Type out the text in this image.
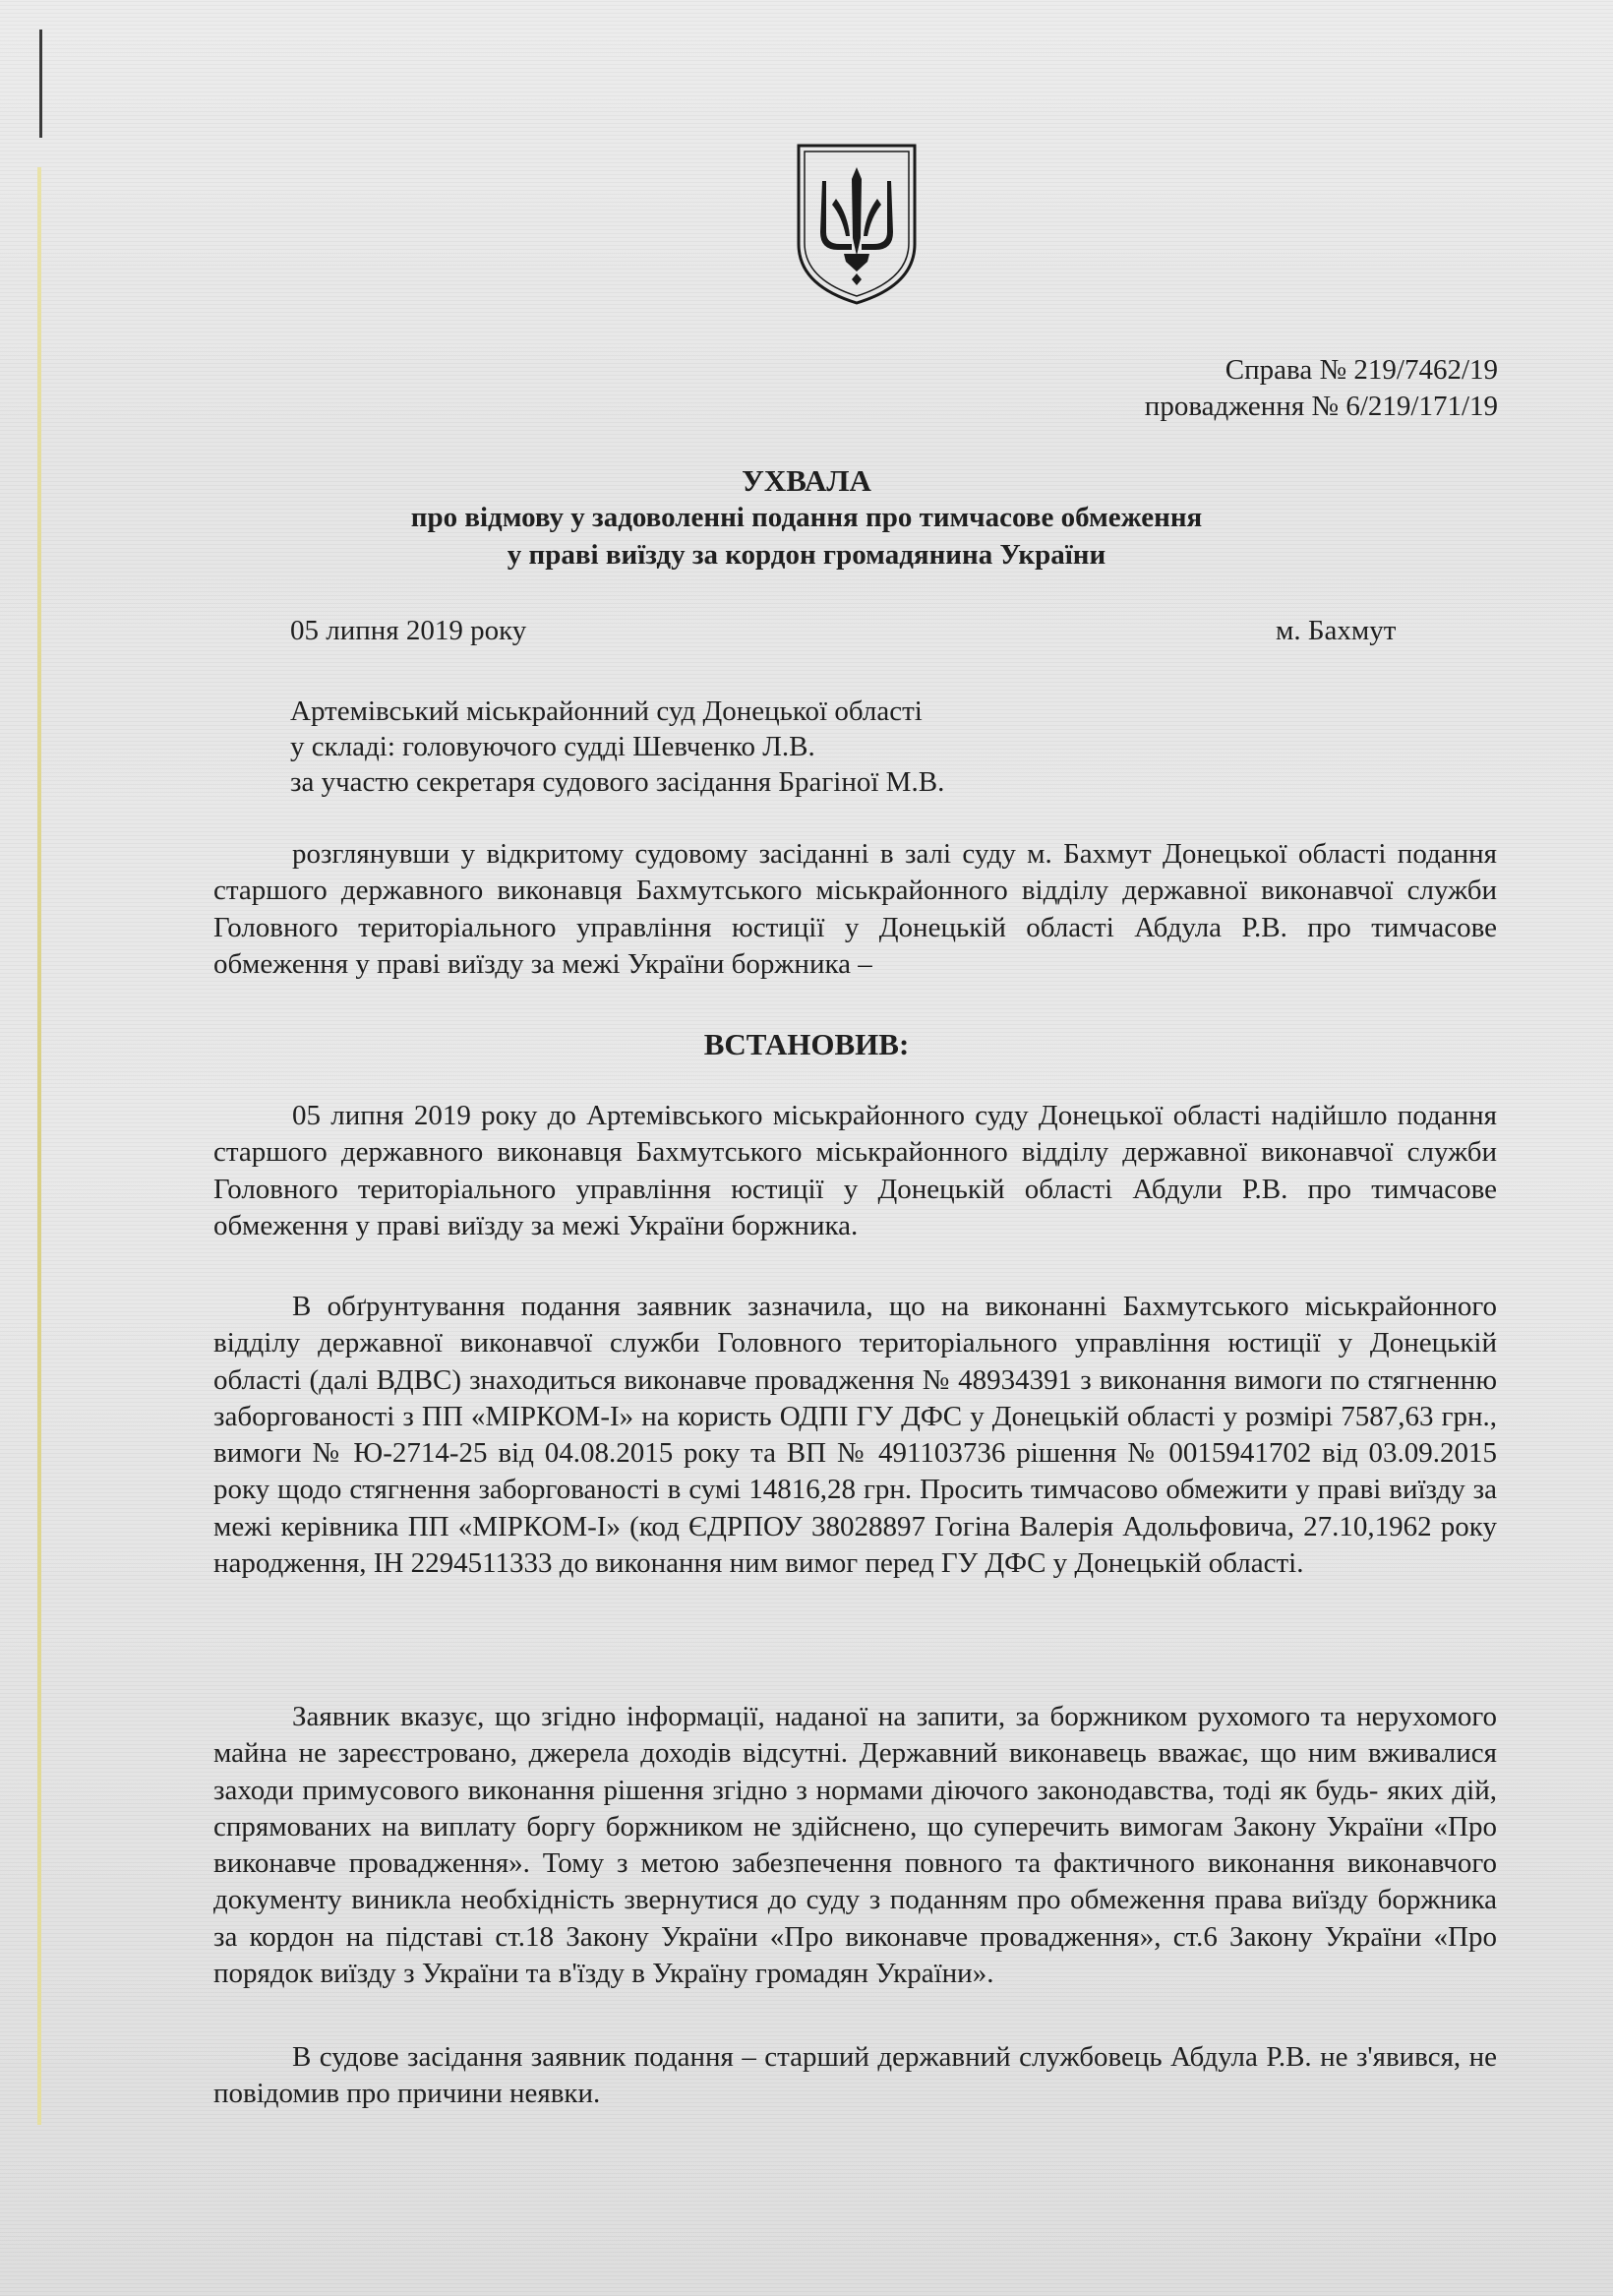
Справа № 219/7462/19
провадження № 6/219/171/19
УХВАЛА
про відмову у задоволенні подання про тимчасове обмеження
у праві виїзду за кордон громадянина України
05 липня 2019 року	м. Бахмут
Артемівський міськрайонний суд Донецької області
у складі: головуючого судді Шевченко Л.В.
за участю секретаря судового засідання Брагіної М.В.

розглянувши у відкритому судовому засіданні в залі суду м. Бахмут Донецької області подання старшого державного виконавця Бахмутського міськрайонного відділу державної виконавчої служби Головного територіального управління юстиції у Донецькій області Абдула Р.В. про тимчасове обмеження у праві виїзду за межі України боржника –

ВСТАНОВИВ:

05 липня 2019 року до Артемівського міськрайонного суду Донецької області надійшло подання старшого державного виконавця Бахмутського міськрайонного відділу державної виконавчої служби Головного територіального управління юстиції у Донецькій області Абдули Р.В. про тимчасове обмеження у праві виїзду за межі України боржника.

В обґрунтування подання заявник зазначила, що на виконанні Бахмутського міськрайонного відділу державної виконавчої служби Головного територіального управління юстиції у Донецькій області (далі ВДВС) знаходиться виконавче провадження № 48934391 з виконання вимоги по стягненню заборгованості з ПП «МІРКОМ-І» на користь ОДПІ ГУ ДФС у Донецькій області у розмірі 7587,63 грн., вимоги № Ю-2714-25 від 04.08.2015 року та ВП № 491103736 рішення № 0015941702 від 03.09.2015 року щодо стягнення заборгованості в сумі 14816,28 грн. Просить тимчасово обмежити у праві виїзду за межі керівника ПП «МІРКОМ-І» (код ЄДРПОУ 38028897 Гогіна Валерія Адольфовича, 27.10,1962 року народження, ІН 2294511333 до виконання ним вимог перед ГУ ДФС у Донецькій області.

Заявник вказує, що згідно інформації, наданої на запити, за боржником рухомого та нерухомого майна не зареєстровано, джерела доходів відсутні. Державний виконавець вважає, що ним вживалися заходи примусового виконання рішення згідно з нормами діючого законодавства, тоді як будь- яких дій, спрямованих на виплату боргу боржником не здійснено, що суперечить вимогам Закону України «Про виконавче провадження». Тому з метою забезпечення повного та фактичного виконання виконавчого документу виникла необхідність звернутися до суду з поданням про обмеження права виїзду боржника за кордон на підставі ст.18 Закону України «Про виконавче провадження», ст.6 Закону України «Про порядок виїзду з України та в'їзду в Україну громадян України».

В судове засідання заявник подання – старший державний службовець Абдула Р.В. не з'явився, не повідомив про причини неявки.
